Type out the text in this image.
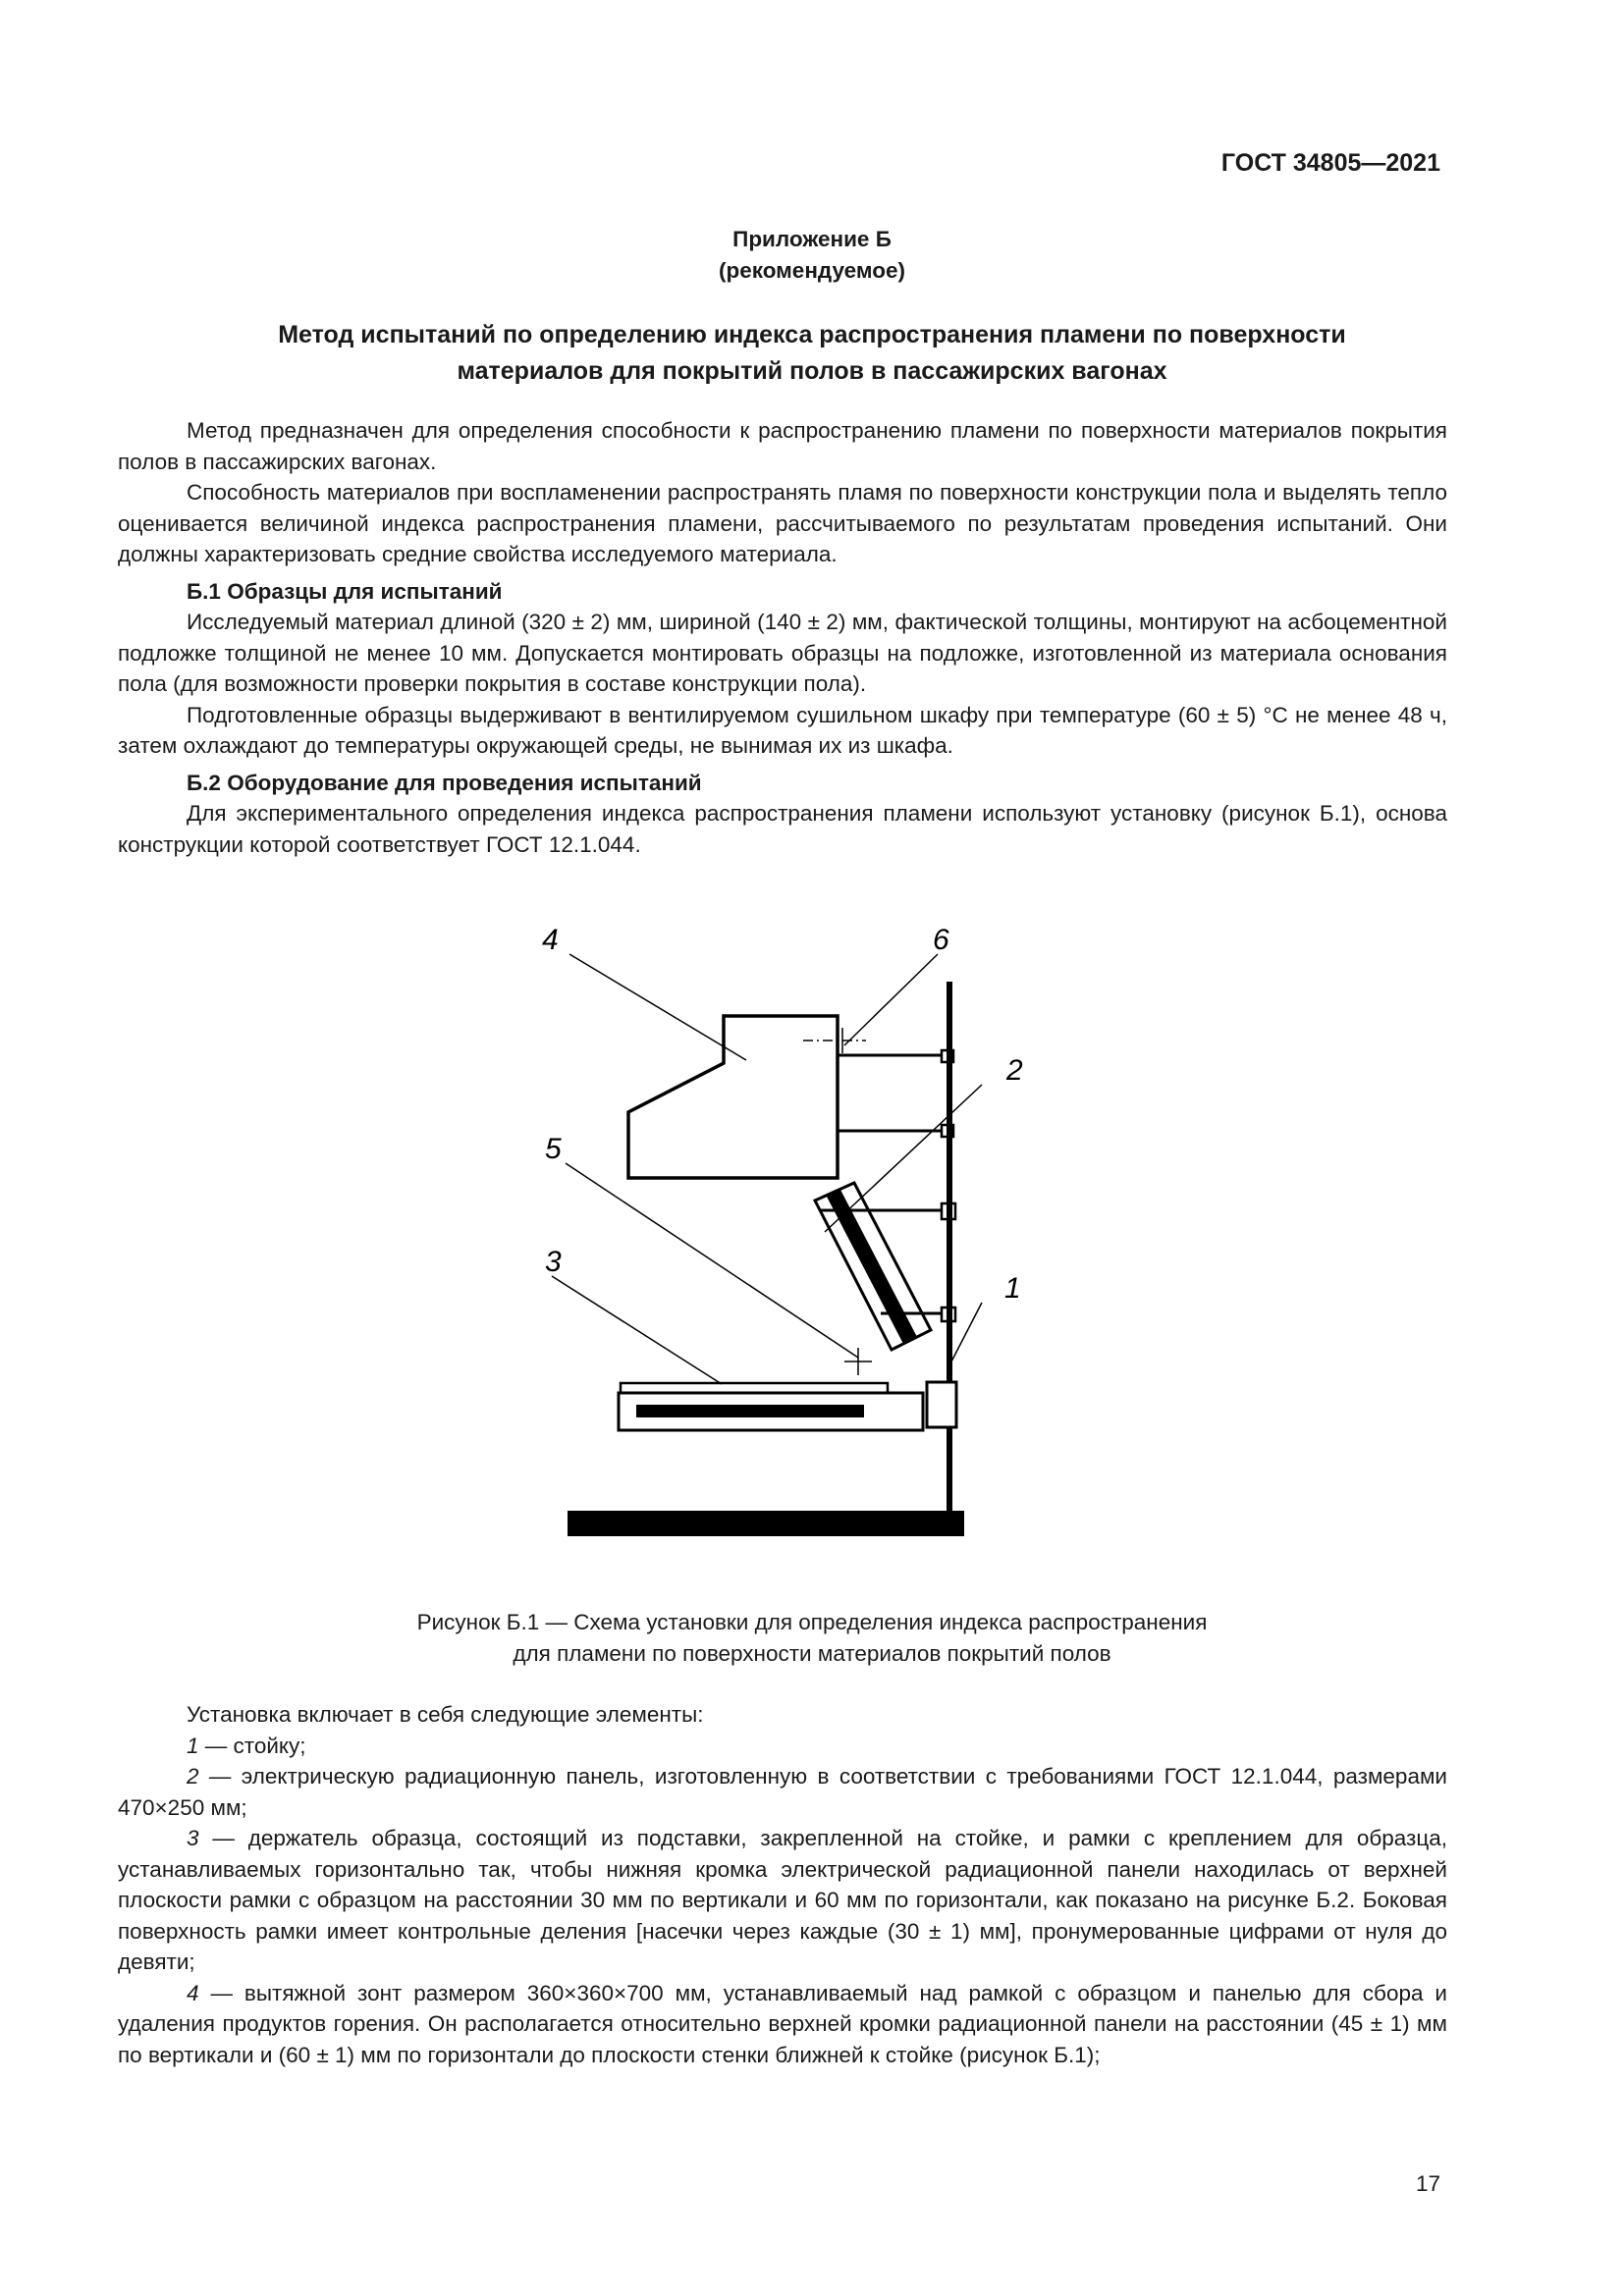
ГОСТ 34805—2021
Приложение Б
(рекомендуемое)
Метод испытаний по определению индекса распространения пламени по поверхности
материалов для покрытий полов в пассажирских вагонах

Метод предназначен для определения способности к распространению пламени по поверхности материалов покрытия полов в пассажирских вагонах.

Способность материалов при воспламенении распространять пламя по поверхности конструкции пола и выделять тепло оценивается величиной индекса распространения пламени, рассчитываемого по результатам проведения испытаний. Они должны характеризовать средние свойства исследуемого материала.

Б.1 Образцы для испытаний

Исследуемый материал длиной (320 ± 2) мм, шириной (140 ± 2) мм, фактической толщины, монтируют на асбоцементной подложке толщиной не менее 10 мм. Допускается монтировать образцы на подложке, изготовленной из материала основания пола (для возможности проверки покрытия в составе конструкции пола).

Подготовленные образцы выдерживают в вентилируемом сушильном шкафу при температуре (60 ± 5) °С не менее 48 ч, затем охлаждают до температуры окружающей среды, не вынимая их из шкафа.

Б.2 Оборудование для проведения испытаний

Для экспериментального определения индекса распространения пламени используют установку (рисунок Б.1), основа конструкции которой соответствует ГОСТ 12.1.044.

4	6
2
5
3
1
Рисунок Б.1 — Схема установки для определения индекса распространения
для пламени по поверхности материалов покрытий полов

Установка включает в себя следующие элементы:

1 — стойку;

2 — электрическую радиационную панель, изготовленную в соответствии с требованиями ГОСТ 12.1.044, размерами 470×250 мм;

3 — держатель образца, состоящий из подставки, закрепленной на стойке, и рамки с креплением для образца, устанавливаемых горизонтально так, чтобы нижняя кромка электрической радиационной панели находилась от верхней плоскости рамки с образцом на расстоянии 30 мм по вертикали и 60 мм по горизонтали, как показано на рисунке Б.2. Боковая поверхность рамки имеет контрольные деления [насечки через каждые (30 ± 1) мм], пронумерованные цифрами от нуля до девяти;

4 — вытяжной зонт размером 360×360×700 мм, устанавливаемый над рамкой с образцом и панелью для сбора и удаления продуктов горения. Он располагается относительно верхней кромки радиационной панели на расстоянии (45 ± 1) мм по вертикали и (60 ± 1) мм по горизонтали до плоскости стенки ближней к стойке (рисунок Б.1);

17
